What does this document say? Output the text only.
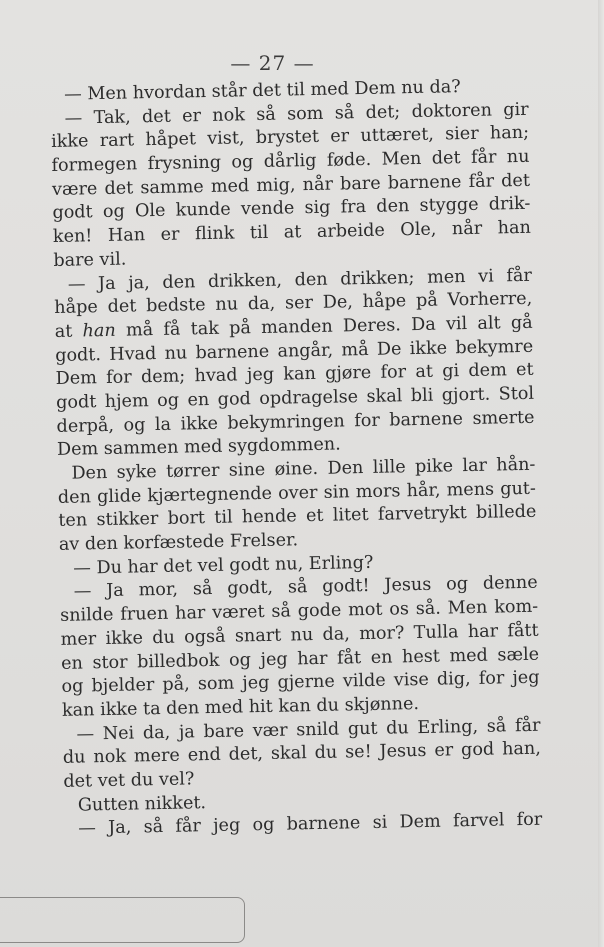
— 27 —
— Men hvordan står det til med Dem nu da?
— Tak, det er nok så som så det; doktoren gir
ikke rart håpet vist, brystet er uttæret, sier han;
formegen frysning og dårlig føde. Men det får nu
være det samme med mig, når bare barnene får det
godt og Ole kunde vende sig fra den stygge drik-
ken! Han er flink til at arbeide Ole, når han
bare vil.
— Ja ja, den drikken, den drikken; men vi får
håpe det bedste nu da, ser De, håpe på Vorherre,
at han må få tak på manden Deres. Da vil alt gå
godt. Hvad nu barnene angår, må De ikke bekymre
Dem for dem; hvad jeg kan gjøre for at gi dem et
godt hjem og en god opdragelse skal bli gjort. Stol
derpå, og la ikke bekymringen for barnene smerte
Dem sammen med sygdommen.
Den syke tørrer sine øine. Den lille pike lar hån-
den glide kjærtegnende over sin mors hår, mens gut-
ten stikker bort til hende et litet farvetrykt billede
av den korfæstede Frelser.
— Du har det vel godt nu, Erling?
— Ja mor, så godt, så godt! Jesus og denne
snilde fruen har været så gode mot os så. Men kom-
mer ikke du også snart nu da, mor? Tulla har fått
en stor billedbok og jeg har fåt en hest med sæle
og bjelder på, som jeg gjerne vilde vise dig, for jeg
kan ikke ta den med hit kan du skjønne.
— Nei da, ja bare vær snild gut du Erling, så får
du nok mere end det, skal du se! Jesus er god han,
det vet du vel?
Gutten nikket.
— Ja, så får jeg og barnene si Dem farvel for
